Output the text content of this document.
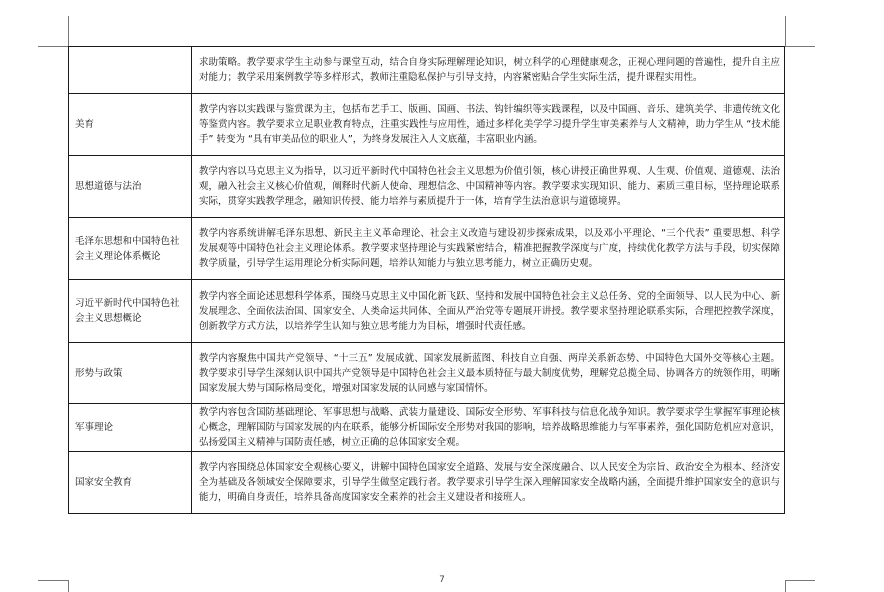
	求助策略。教学要求学生主动参与课堂互动，结合自身实际理解理论知识，树立科学的心理健康观念，正视心理问题的普遍性，提升自主应对能力；教学采用案例教学等多样形式，教师注重隐私保护与引导支持，内容紧密贴合学生实际生活，提升课程实用性。

美育	教学内容以实践课与鉴赏课为主，包括布艺手工、版画、国画、书法、钩针编织等实践课程，以及中国画、音乐、建筑美学、非遗传统文化等鉴赏内容。教学要求立足职业教育特点，注重实践性与应用性，通过多样化美学学习提升学生审美素养与人文精神，助力学生从 “技术能手” 转变为 “具有审美品位的职业人”，为终身发展注入人文底蕴，丰富职业内涵。

思想道德与法治	教学内容以马克思主义为指导，以习近平新时代中国特色社会主义思想为价值引领，核心讲授正确世界观、人生观、价值观、道德观、法治观，融入社会主义核心价值观，阐释时代新人使命、理想信念、中国精神等内容。教学要求实现知识、能力、素质三重目标，坚持理论联系实际，贯穿实践教学理念，融知识传授、能力培养与素质提升于一体，培育学生法治意识与道德境界。

毛泽东思想和中国特色社会主义理论体系概论	教学内容系统讲解毛泽东思想、新民主主义革命理论、社会主义改造与建设初步探索成果，以及邓小平理论、“三个代表” 重要思想、科学发展观等中国特色社会主义理论体系。教学要求坚持理论与实践紧密结合，精准把握教学深度与广度，持续优化教学方法与手段，切实保障教学质量，引导学生运用理论分析实际问题，培养认知能力与独立思考能力，树立正确历史观。

习近平新时代中国特色社会主义思想概论	教学内容全面论述思想科学体系，围绕马克思主义中国化新飞跃、坚持和发展中国特色社会主义总任务、党的全面领导、以人民为中心、新发展理念、全面依法治国、国家安全、人类命运共同体、全面从严治党等专题展开讲授。教学要求坚持理论联系实际，合理把控教学深度，创新教学方式方法，以培养学生认知与独立思考能力为目标，增强时代责任感。

形势与政策	教学内容聚焦中国共产党领导、“十三五” 发展成就、国家发展新蓝图、科技自立自强、两岸关系新态势、中国特色大国外交等核心主题。教学要求引导学生深刻认识中国共产党领导是中国特色社会主义最本质特征与最大制度优势，理解党总揽全局、协调各方的统领作用，明晰国家发展大势与国际格局变化，增强对国家发展的认同感与家国情怀。

军事理论	教学内容包含国防基础理论、军事思想与战略、武装力量建设、国际安全形势、军事科技与信息化战争知识。教学要求学生掌握军事理论核心概念，理解国防与国家发展的内在联系，能够分析国际安全形势对我国的影响，培养战略思维能力与军事素养，强化国防危机应对意识，弘扬爱国主义精神与国防责任感，树立正确的总体国家安全观。

国家安全教育	教学内容围绕总体国家安全观核心要义，讲解中国特色国家安全道路、发展与安全深度融合、以人民安全为宗旨、政治安全为根本、经济安全为基础及各领域安全保障要求，引导学生做坚定践行者。教学要求引导学生深入理解国家安全战略内涵，全面提升维护国家安全的意识与能力，明确自身责任，培养具备高度国家安全素养的社会主义建设者和接班人。
7
